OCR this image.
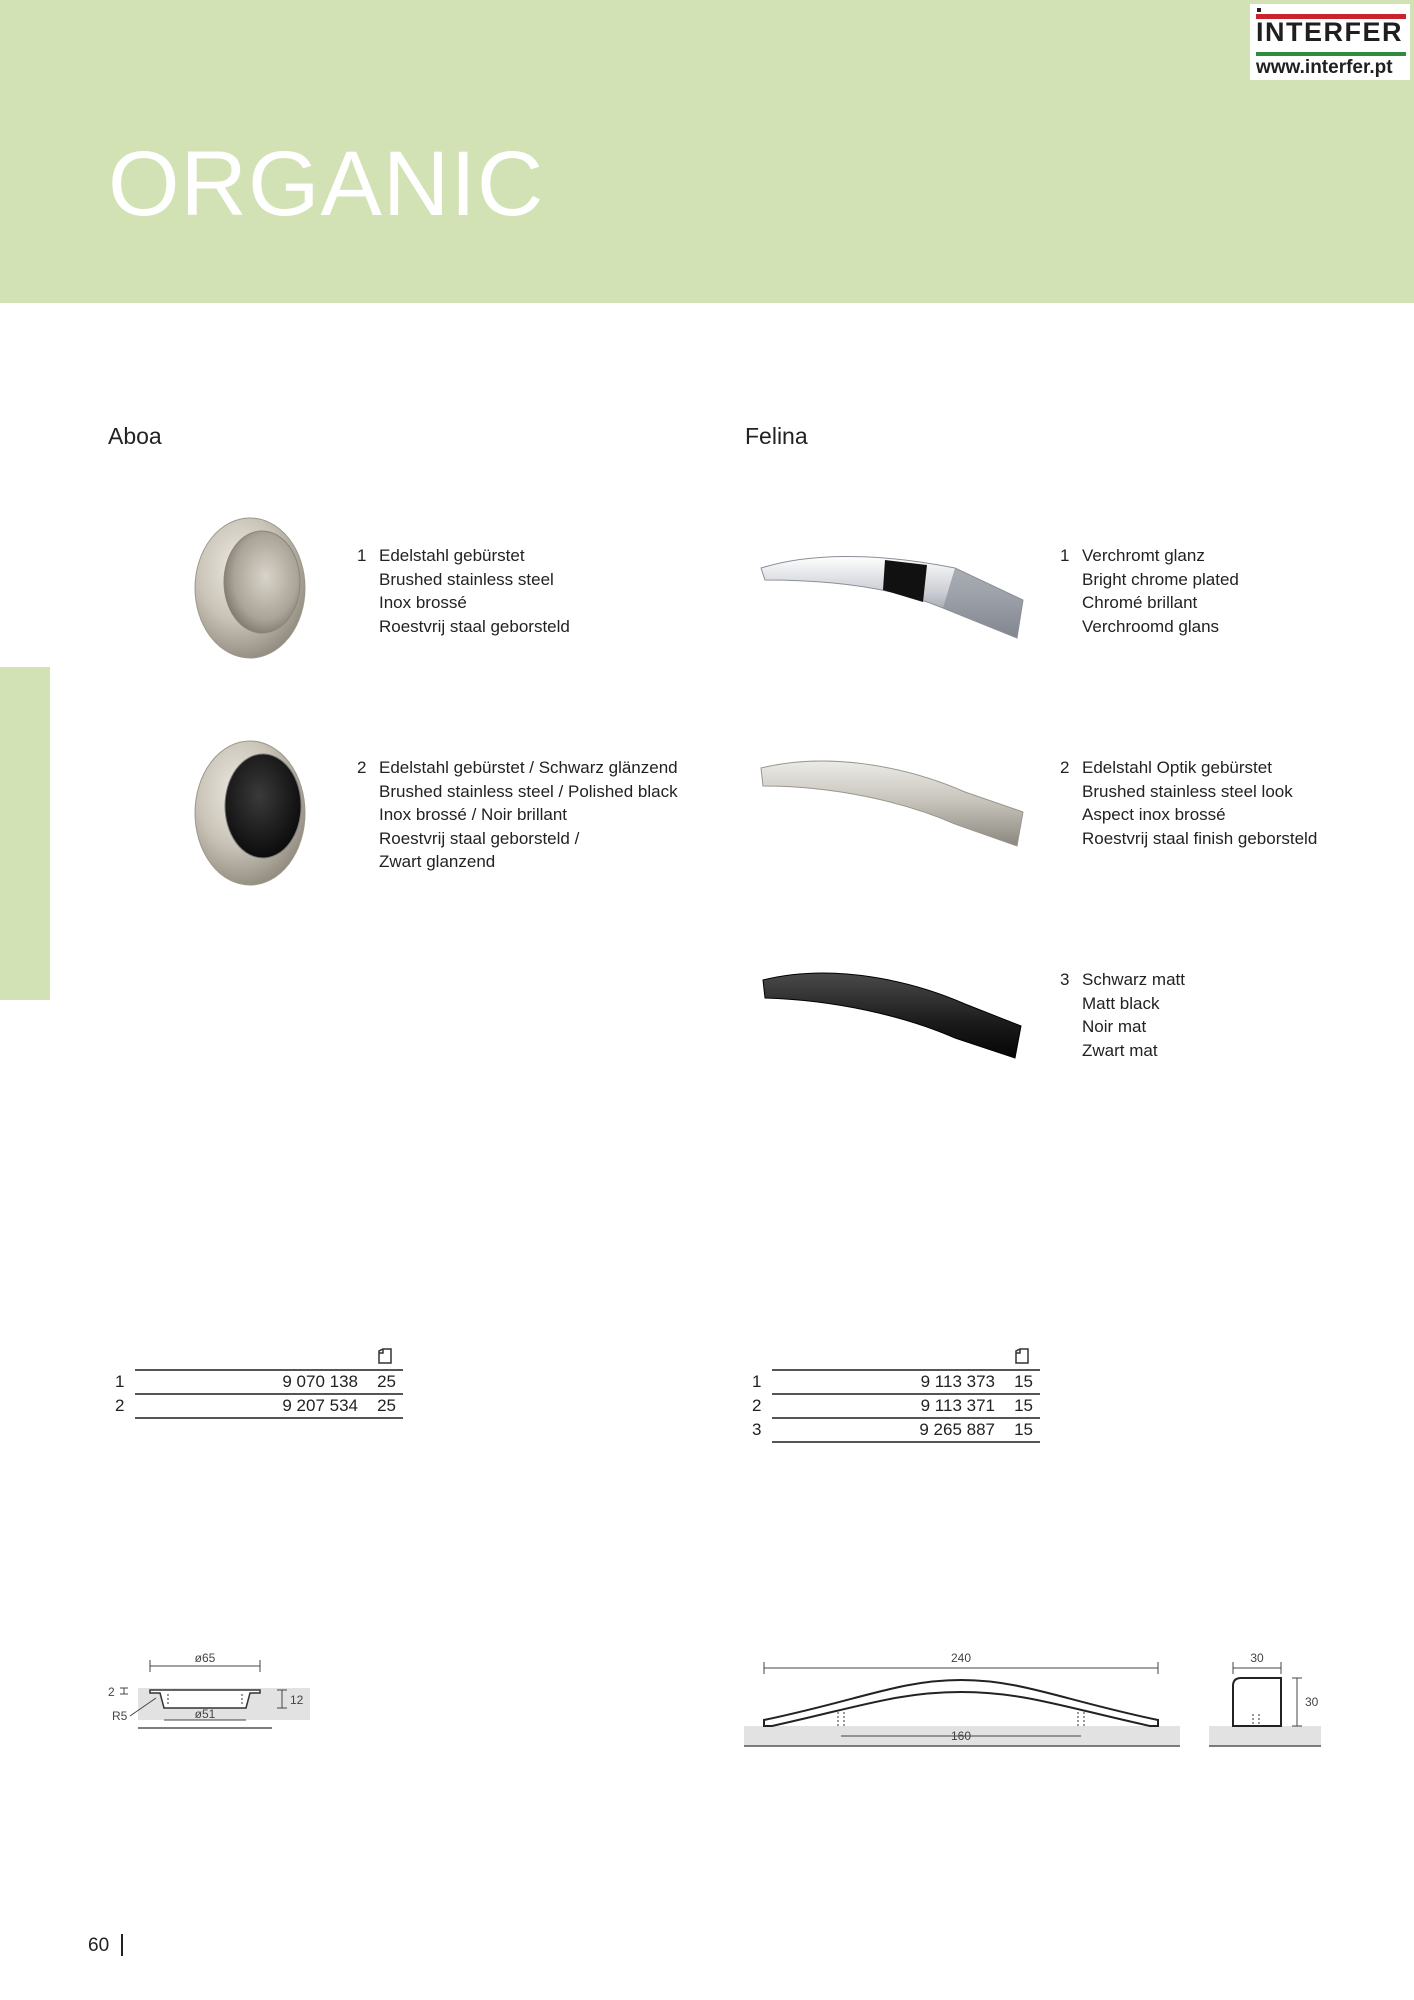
ORGANIC
INTERFER
www.interfer.pt
Aboa
1 Edelstahl gebürstet
Brushed stainless steel
Inox brossé
Roestvrij staal geborsteld
2 Edelstahl gebürstet / Schwarz glänzend
Brushed stainless steel / Polished black
Inox brossé / Noir brillant
Roestvrij staal geborsteld /
Zwart glanzend
Felina
1 Verchromt glanz
Bright chrome plated
Chromé brillant
Verchroomd glans
2 Edelstahl Optik gebürstet
Brushed stainless steel look
Aspect inox brossé
Roestvrij staal finish geborsteld
3 Schwarz matt
Matt black
Noir mat
Zwart mat
1	9 070 138 25
2	9 207 534 25
1	9 113 373 15
2	9 113 371 15
3	9 265 887 15
ø65
ø51
12
2
R5
240
160
30
30
60
